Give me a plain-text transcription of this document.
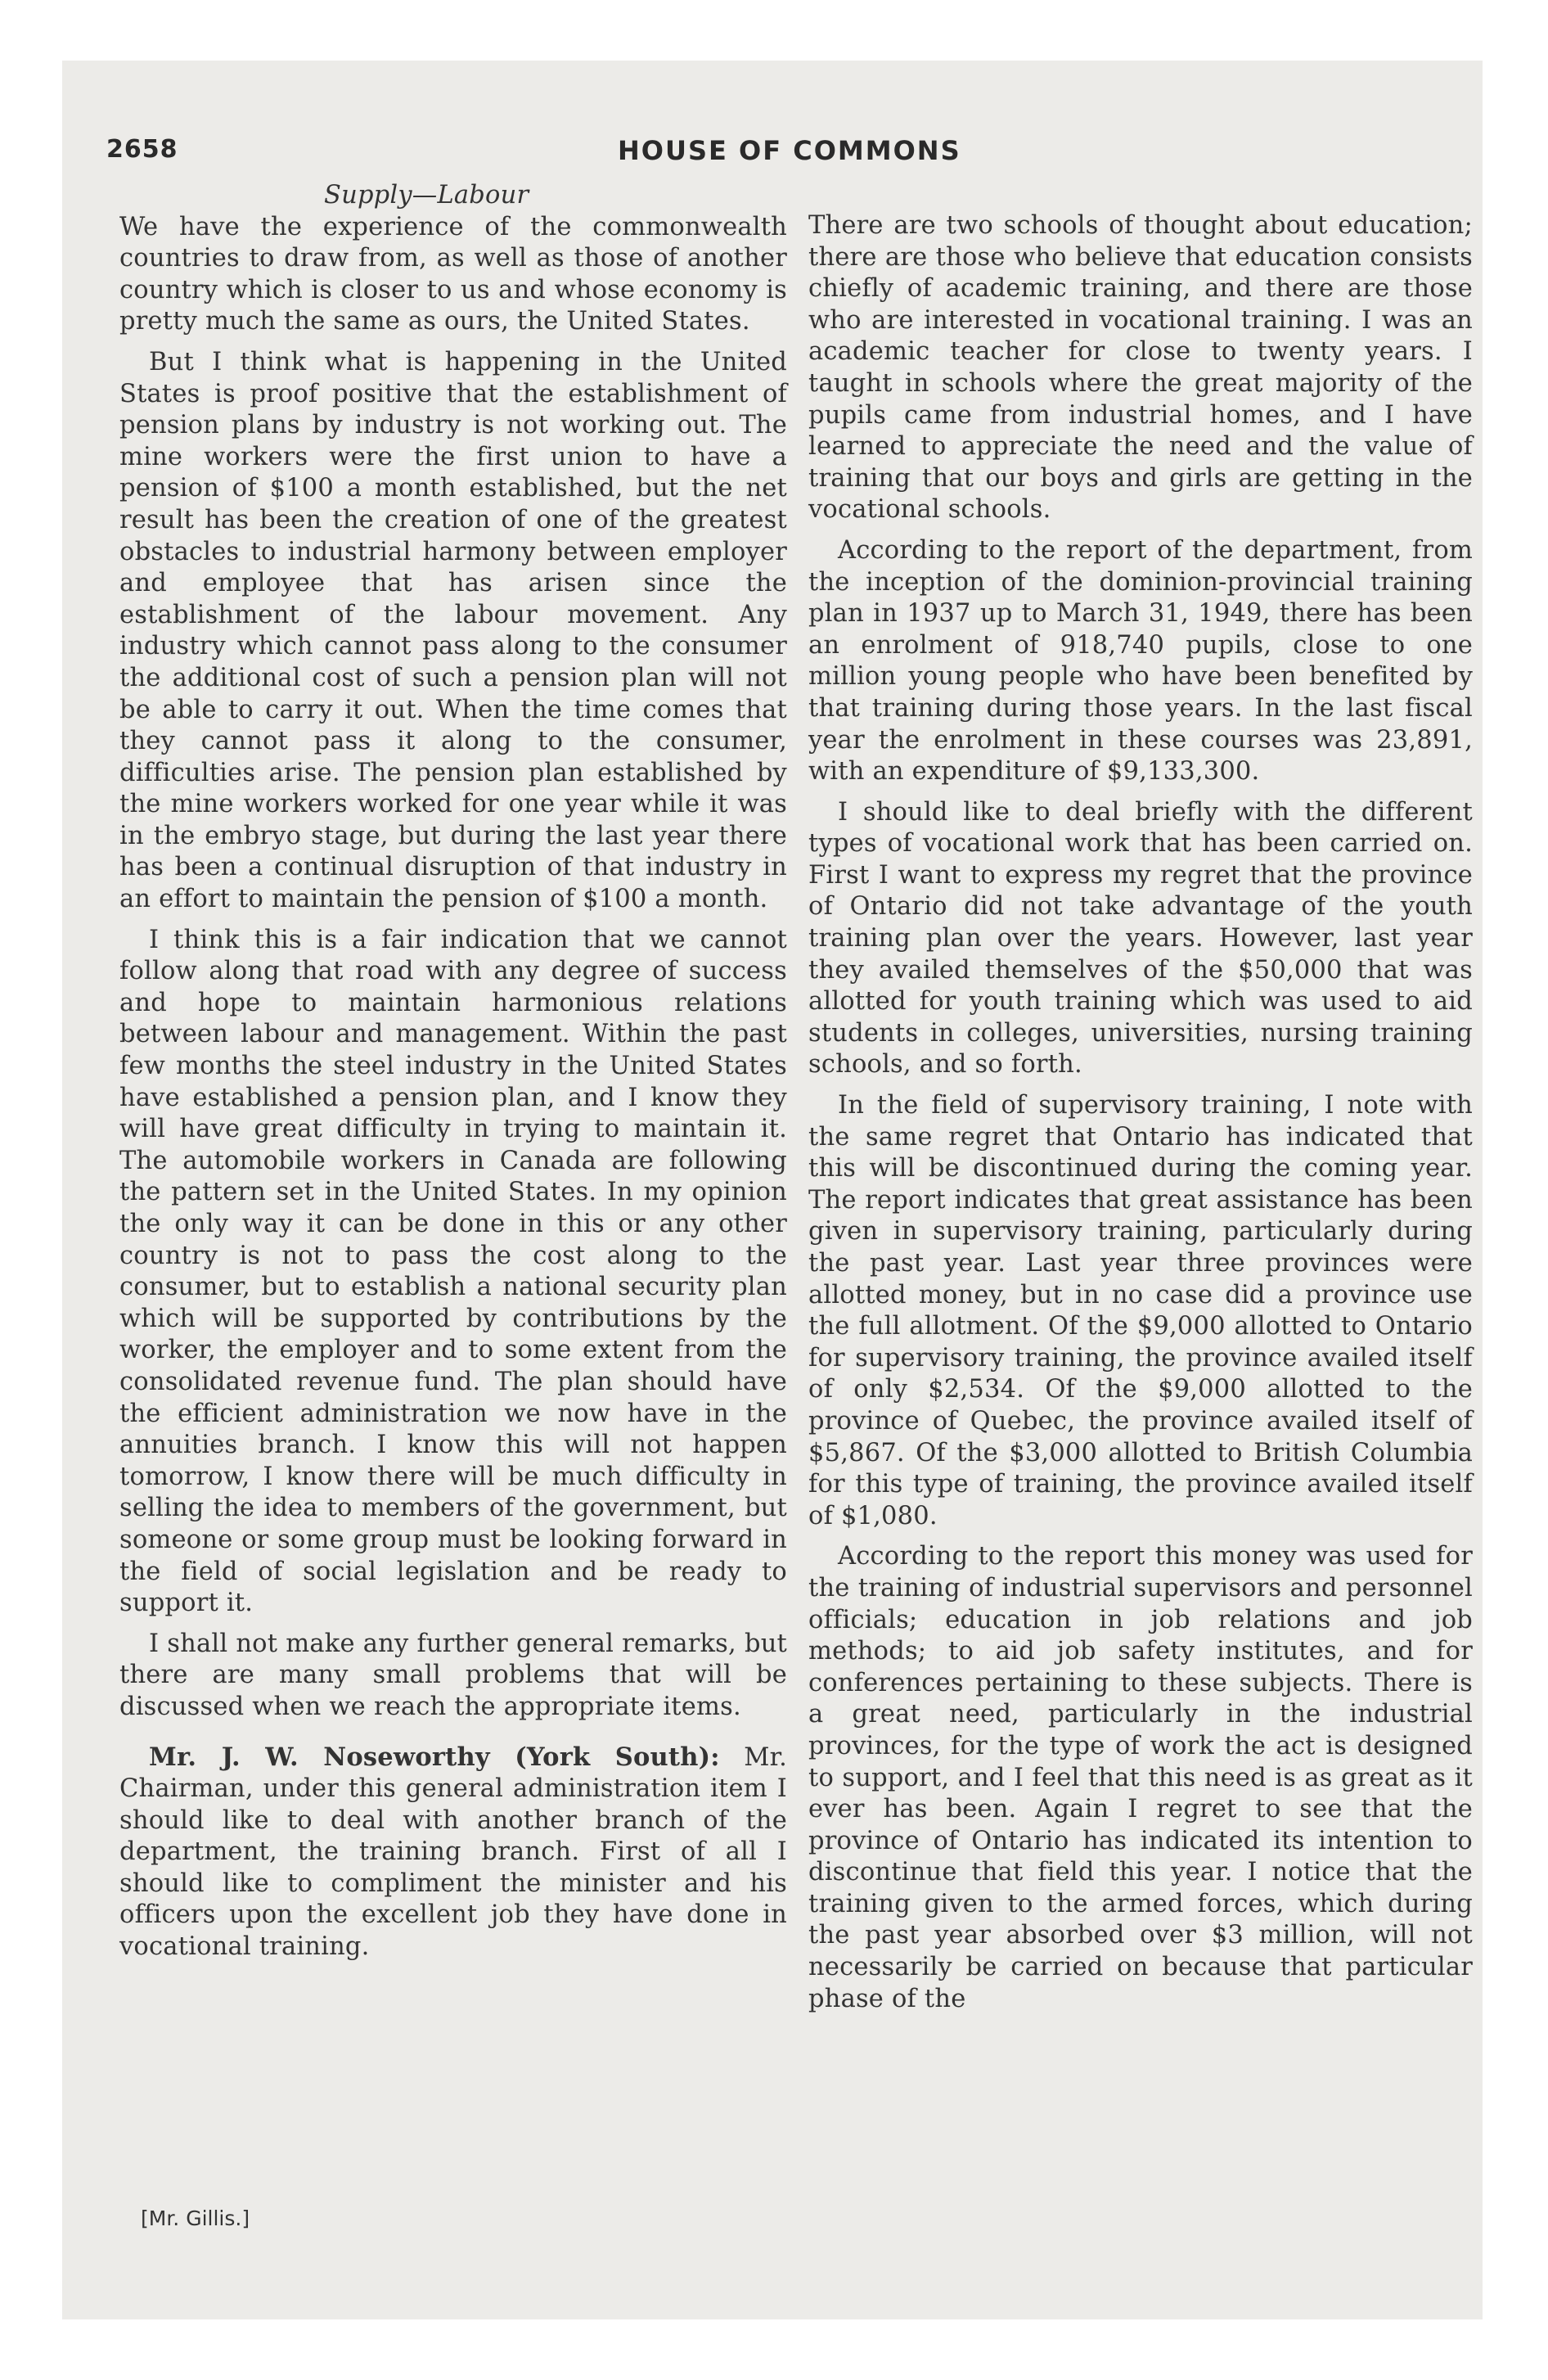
2658	HOUSE OF COMMONS
Supply—Labour

We have the experience of the commonwealth countries to draw from, as well as those of another country which is closer to us and whose economy is pretty much the same as ours, the United States.

But I think what is happening in the United States is proof positive that the establishment of pension plans by industry is not working out. The mine workers were the first union to have a pension of $100 a month established, but the net result has been the creation of one of the greatest obstacles to industrial harmony between employer and employee that has arisen since the establishment of the labour movement. Any industry which cannot pass along to the consumer the additional cost of such a pension plan will not be able to carry it out. When the time comes that they cannot pass it along to the consumer, difficulties arise. The pension plan established by the mine workers worked for one year while it was in the embryo stage, but during the last year there has been a continual disruption of that industry in an effort to maintain the pension of $100 a month.

I think this is a fair indication that we cannot follow along that road with any degree of success and hope to maintain harmonious relations between labour and management. Within the past few months the steel industry in the United States have established a pension plan, and I know they will have great difficulty in trying to maintain it. The automobile workers in Canada are following the pattern set in the United States. In my opinion the only way it can be done in this or any other country is not to pass the cost along to the consumer, but to establish a national security plan which will be supported by contributions by the worker, the employer and to some extent from the consolidated revenue fund. The plan should have the efficient administration we now have in the annuities branch. I know this will not happen tomorrow, I know there will be much difficulty in selling the idea to members of the government, but someone or some group must be looking forward in the field of social legislation and be ready to support it.

I shall not make any further general remarks, but there are many small problems that will be discussed when we reach the appropriate items.

Mr. J. W. Noseworthy (York South): Mr. Chairman, under this general administration item I should like to deal with another branch of the department, the training branch. First of all I should like to compliment the minister and his officers upon the excellent job they have done in vocational training.

There are two schools of thought about education; there are those who believe that education consists chiefly of academic training, and there are those who are interested in vocational training. I was an academic teacher for close to twenty years. I taught in schools where the great majority of the pupils came from industrial homes, and I have learned to appreciate the need and the value of training that our boys and girls are getting in the vocational schools.

According to the report of the department, from the inception of the dominion-provincial training plan in 1937 up to March 31, 1949, there has been an enrolment of 918,740 pupils, close to one million young people who have been benefited by that training during those years. In the last fiscal year the enrolment in these courses was 23,891, with an expenditure of $9,133,300.

I should like to deal briefly with the different types of vocational work that has been carried on. First I want to express my regret that the province of Ontario did not take advantage of the youth training plan over the years. However, last year they availed themselves of the $50,000 that was allotted for youth training which was used to aid students in colleges, universities, nursing training schools, and so forth.

In the field of supervisory training, I note with the same regret that Ontario has indicated that this will be discontinued during the coming year. The report indicates that great assistance has been given in supervisory training, particularly during the past year. Last year three provinces were allotted money, but in no case did a province use the full allotment. Of the $9,000 allotted to Ontario for supervisory training, the province availed itself of only $2,534. Of the $9,000 allotted to the province of Quebec, the province availed itself of $5,867. Of the $3,000 allotted to British Columbia for this type of training, the province availed itself of $1,080.

According to the report this money was used for the training of industrial supervisors and personnel officials; education in job relations and job methods; to aid job safety institutes, and for conferences pertaining to these subjects. There is a great need, particularly in the industrial provinces, for the type of work the act is designed to support, and I feel that this need is as great as it ever has been. Again I regret to see that the province of Ontario has indicated its intention to discontinue that field this year. I notice that the training given to the armed forces, which during the past year absorbed over $3 million, will not necessarily be carried on because that particular phase of the

[Mr. Gillis.]
